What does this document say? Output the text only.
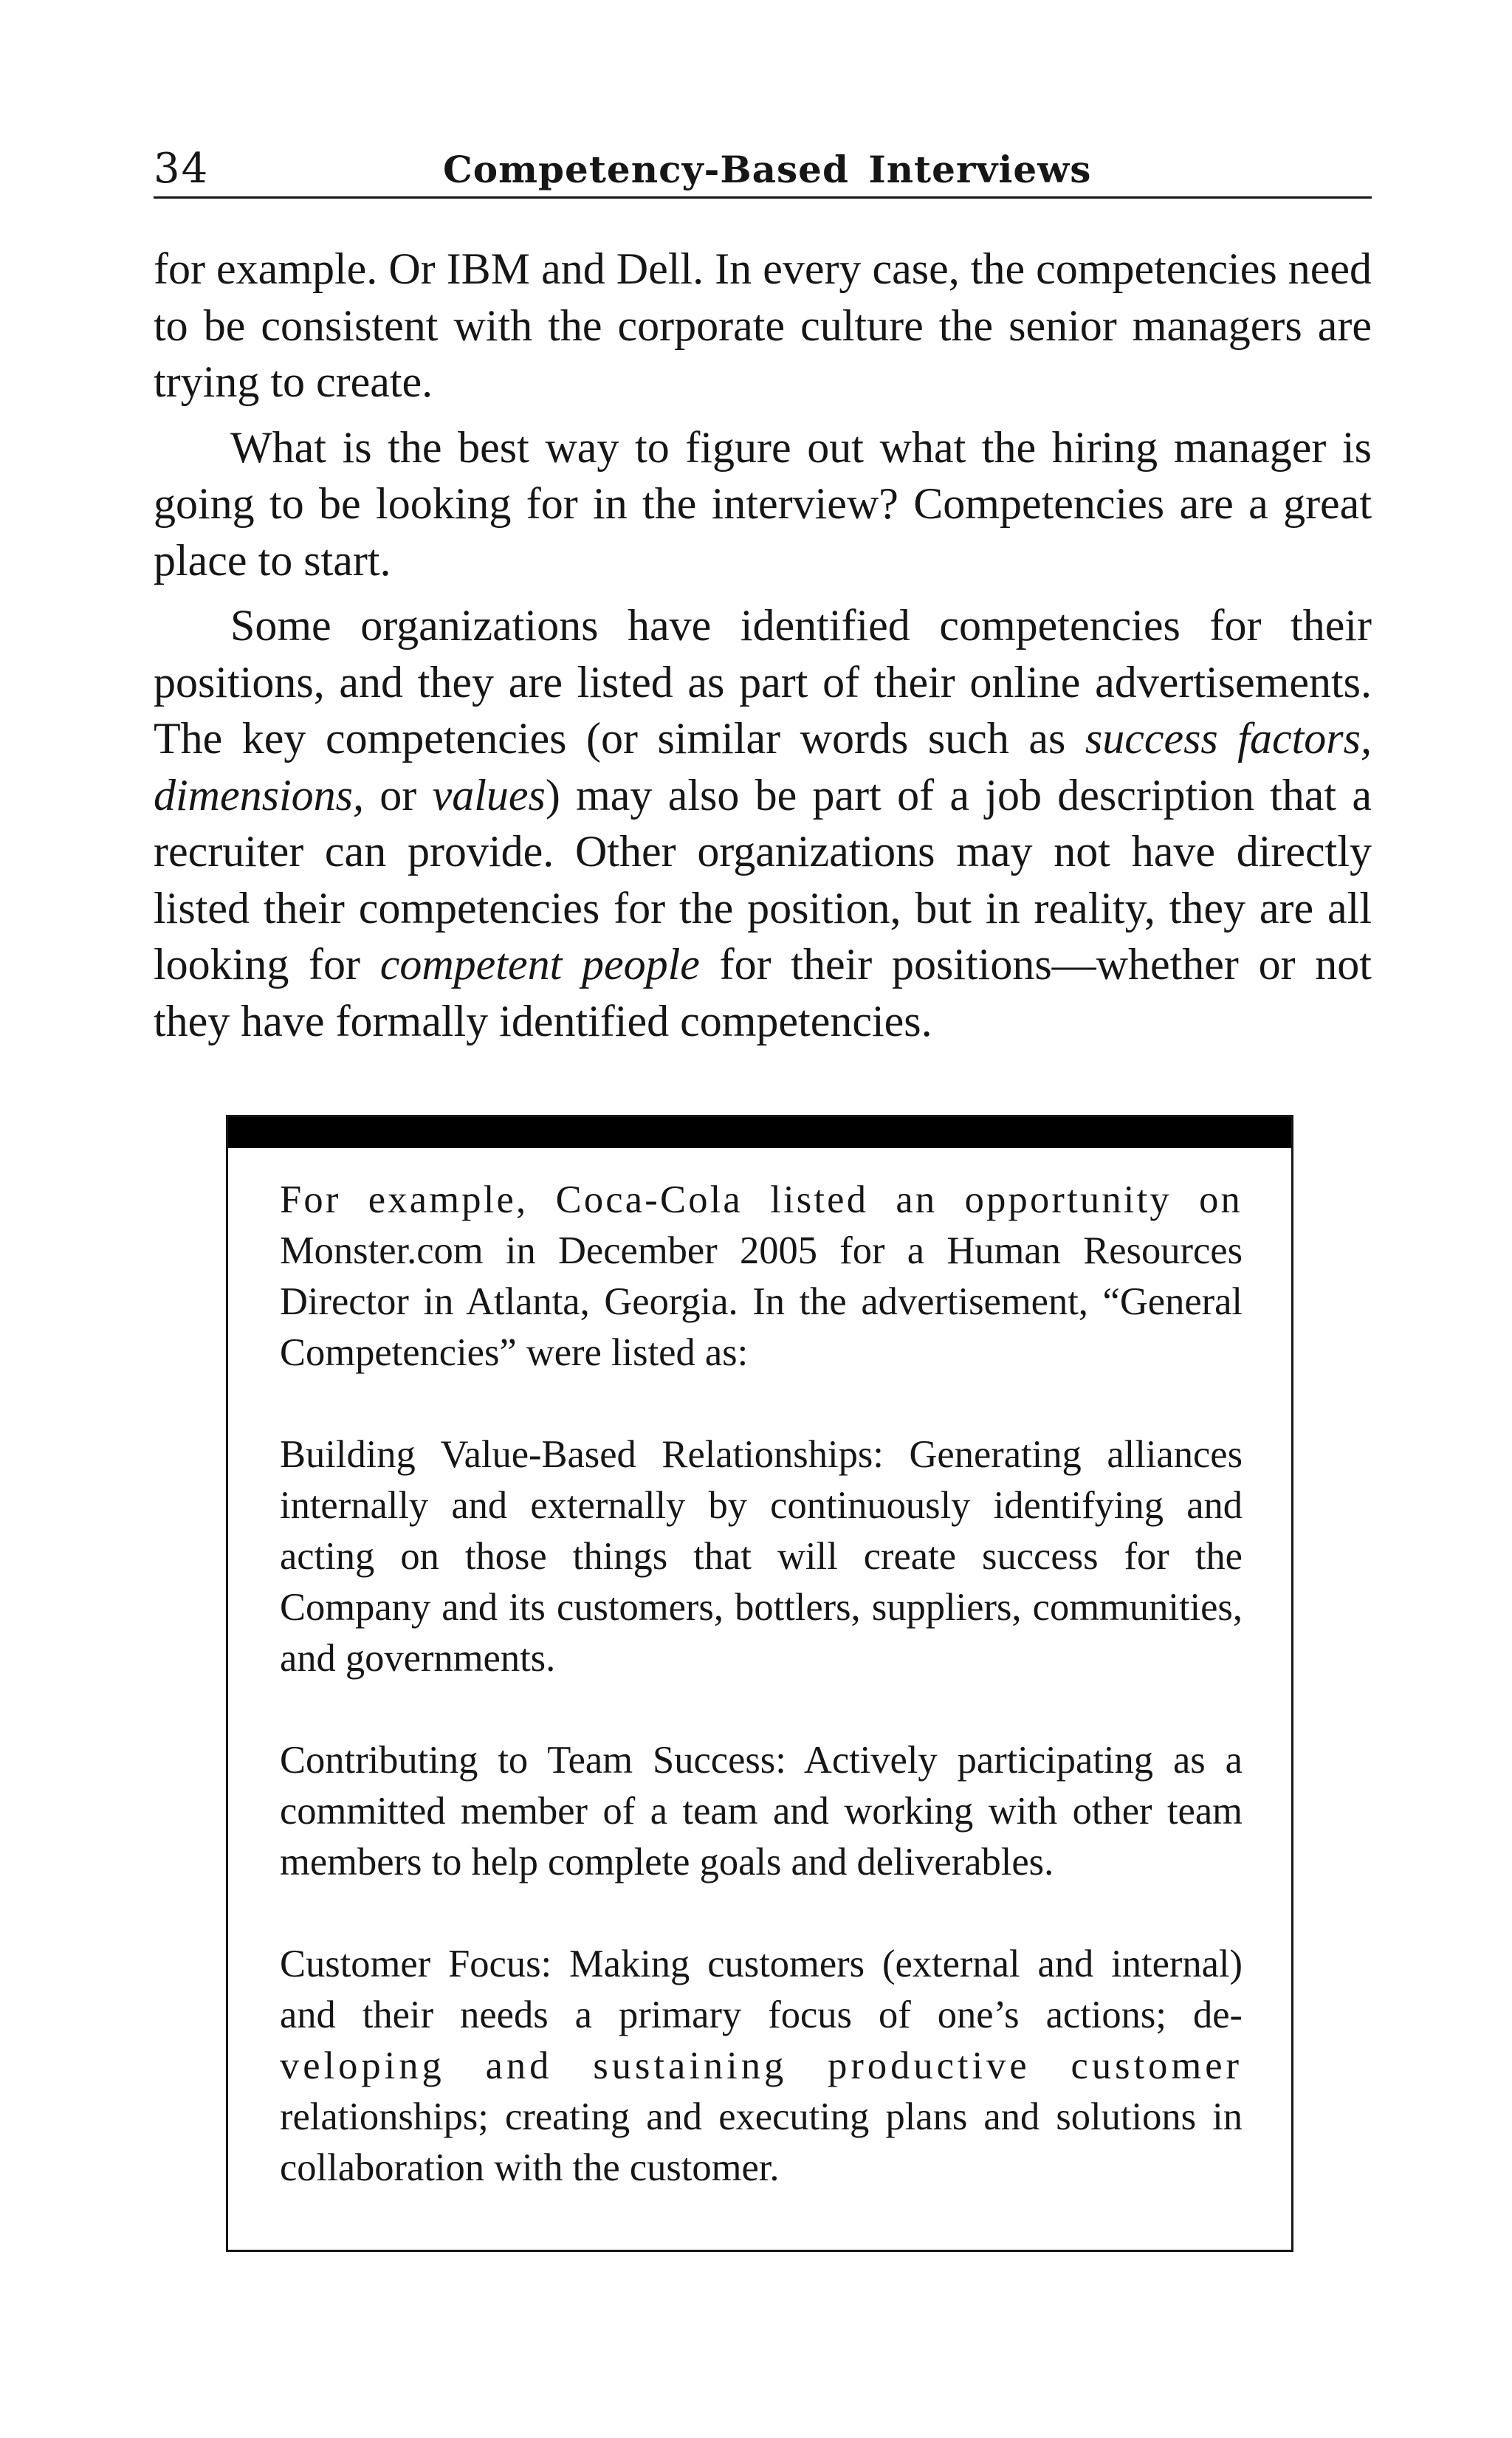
34	Competency-Based Interviews

for example. Or IBM and Dell. In every case, the competencies need to be consistent with the corporate culture the senior managers are trying to create.

What is the best way to figure out what the hiring manager is going to be looking for in the interview? Competencies are a great place to start.

Some organizations have identified competencies for their positions, and they are listed as part of their online advertisements. The key competencies (or similar words such as success factors, dimensions, or values) may also be part of a job description that a recruiter can provide. Other organizations may not have directly listed their competencies for the position, but in reality, they are all looking for competent people for their positions—whether or not they have formally identified competencies.

For example, Coca-Cola listed an opportunity on Monster.com in December 2005 for a Human Resources Director in Atlanta, Georgia. In the advertisement, “General Competencies” were listed as:

Building Value-Based Relationships: Generating alliances internally and externally by continuously identifying and acting on those things that will create success for the Company and its customers, bottlers, suppliers, communities, and governments.

Contributing to Team Success: Actively participating as a committed member of a team and working with other team members to help complete goals and deliverables.

Customer Focus: Making customers (external and internal) and their needs a primary focus of one’s actions; de- veloping and sustaining productive customer relationships; creating and executing plans and solutions in collaboration with the customer.
